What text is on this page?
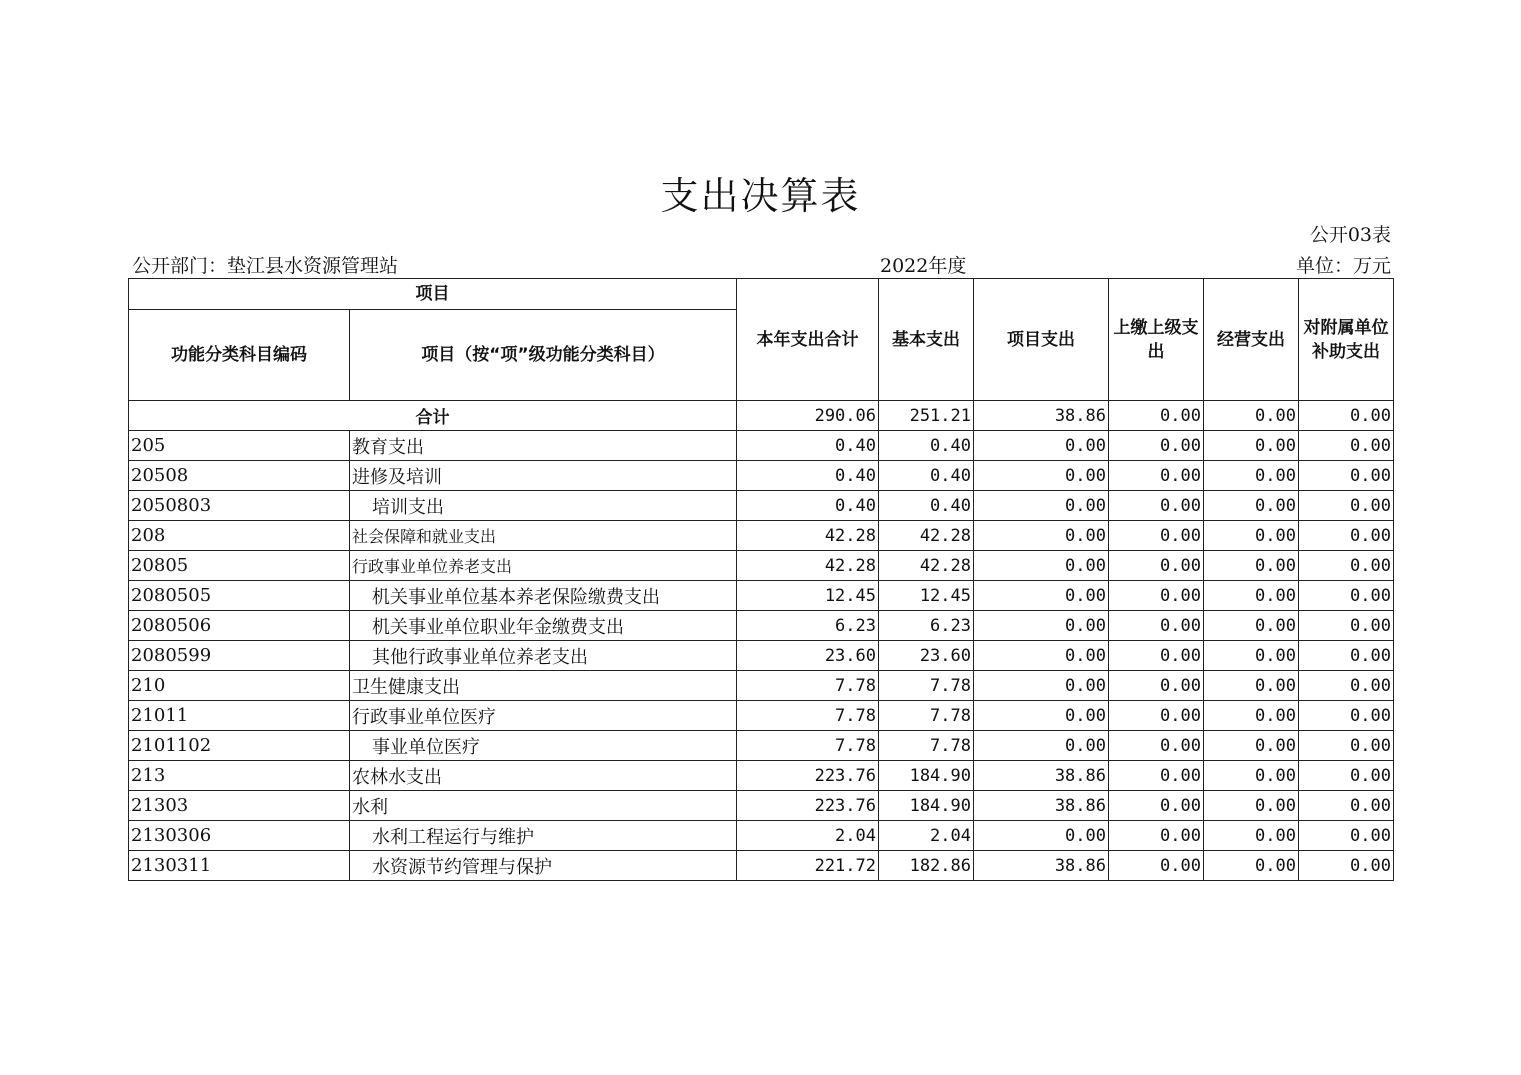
支出决算表
公开03表
公开部门：垫江县水资源管理站	2022年度	单位：万元
项目		本年支出合计	基本支出	项目支出	上缴上级支出	经营支出	对附属单位补助支出
功能分类科目编码	项目（按“项”级功能分类科目）						
合计		290.06	251.21	38.86	0.00	0.00	0.00
205	教育支出	0.40	0.40	0.00	0.00	0.00	0.00
20508	进修及培训	0.40	0.40	0.00	0.00	0.00	0.00
2050803	培训支出	0.40	0.40	0.00	0.00	0.00	0.00
208	社会保障和就业支出	42.28	42.28	0.00	0.00	0.00	0.00
20805	行政事业单位养老支出	42.28	42.28	0.00	0.00	0.00	0.00
2080505	机关事业单位基本养老保险缴费支出	12.45	12.45	0.00	0.00	0.00	0.00
2080506	机关事业单位职业年金缴费支出	6.23	6.23	0.00	0.00	0.00	0.00
2080599	其他行政事业单位养老支出	23.60	23.60	0.00	0.00	0.00	0.00
210	卫生健康支出	7.78	7.78	0.00	0.00	0.00	0.00
21011	行政事业单位医疗	7.78	7.78	0.00	0.00	0.00	0.00
2101102	事业单位医疗	7.78	7.78	0.00	0.00	0.00	0.00
213	农林水支出	223.76	184.90	38.86	0.00	0.00	0.00
21303	水利	223.76	184.90	38.86	0.00	0.00	0.00
2130306	水利工程运行与维护	2.04	2.04	0.00	0.00	0.00	0.00
2130311	水资源节约管理与保护	221.72	182.86	38.86	0.00	0.00	0.00
